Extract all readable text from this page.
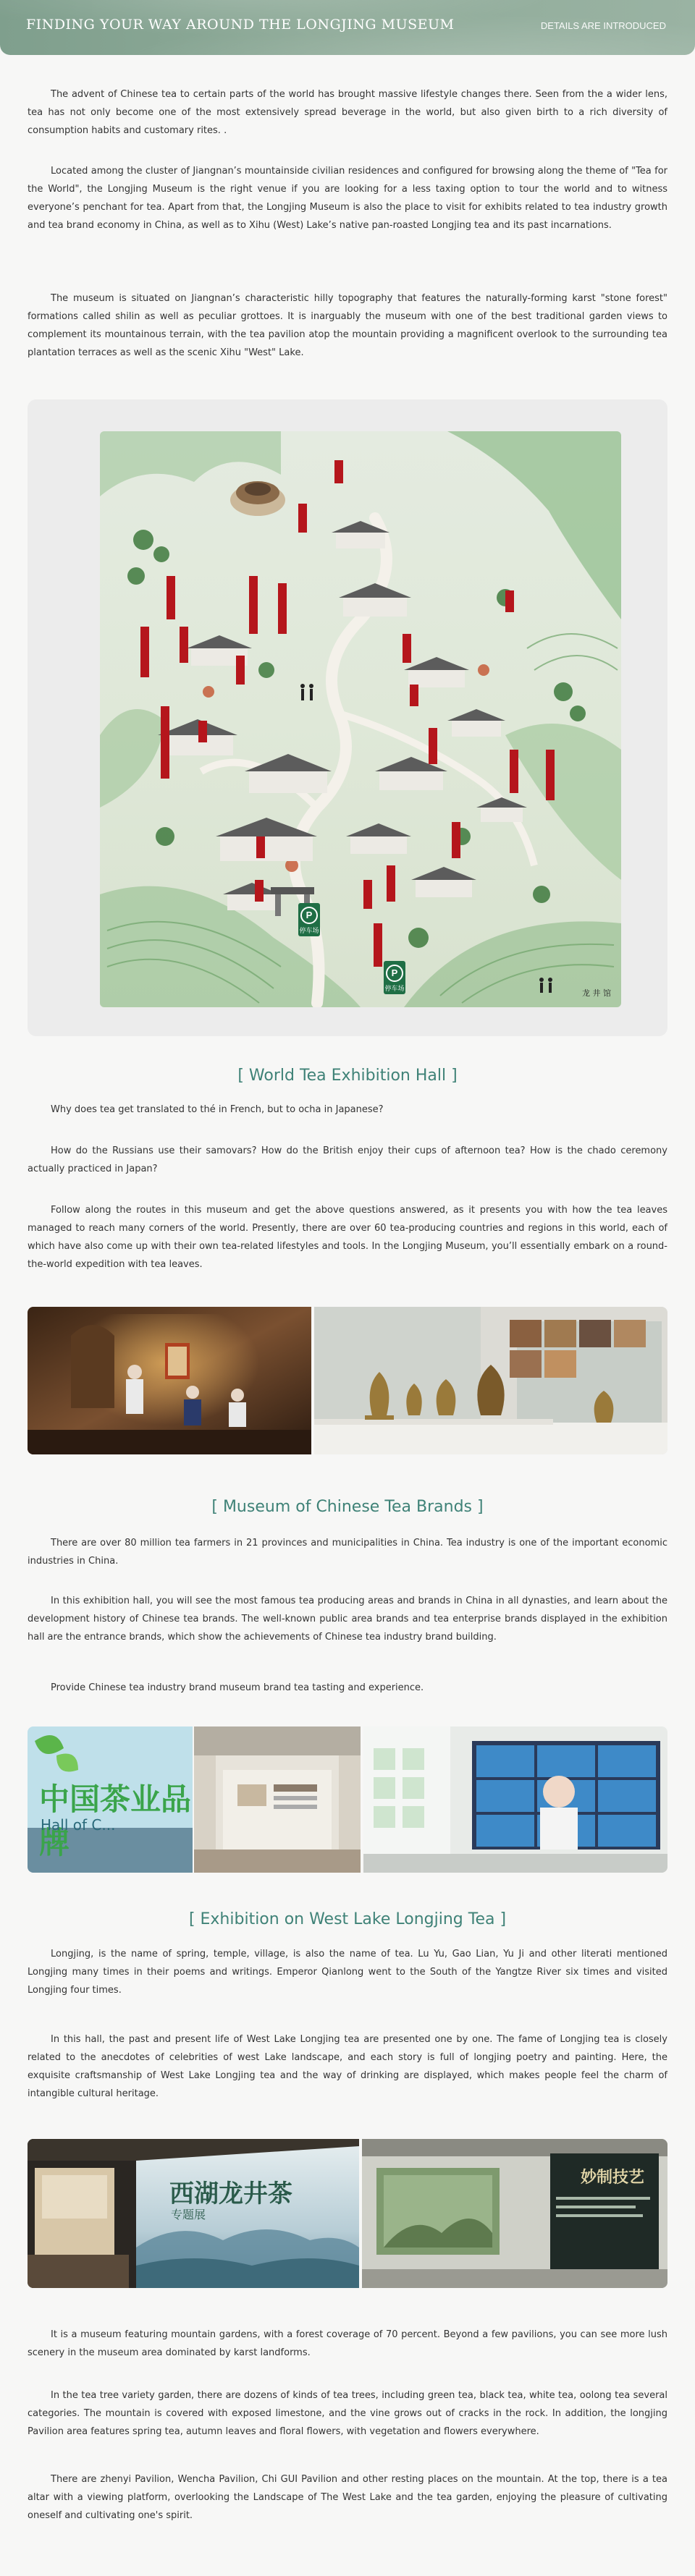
FINDING YOUR WAY AROUND THE LONGJING MUSEUM	DETAILS ARE INTRODUCED

The advent of Chinese tea to certain parts of the world has brought massive lifestyle changes there. Seen from the a wider lens, tea has not only become one of the most extensively spread beverage in the world, but also given birth to a rich diversity of consumption habits and customary rites. .

Located among the cluster of Jiangnan’s mountainside civilian residences and configured for browsing along the theme of "Tea for the World", the Longjing Museum is the right venue if you are looking for a less taxing option to tour the world and to witness everyone’s penchant for tea. Apart from that, the Longjing Museum is also the place to visit for exhibits related to tea industry growth and tea brand economy in China, as well as to Xihu (West) Lake’s native pan-roasted Longjing tea and its past incarnations.

The museum is situated on Jiangnan’s characteristic hilly topography that features the naturally-forming karst "stone forest" formations called shilin as well as peculiar grottoes. It is inarguably the museum with one of the best traditional garden views to complement its mountainous terrain, with the tea pavilion atop the mountain providing a magnificent overlook to the surrounding tea plantation terraces as well as the scenic Xihu "West" Lake.

P
停车场
P
停车场	龙 井 馆
[ World Tea Exhibition Hall ]

Why does tea get translated to thé in French, but to ocha in Japanese?

How do the Russians use their samovars? How do the British enjoy their cups of afternoon tea? How is the chado ceremony actually practiced in Japan?

Follow along the routes in this museum and get the above questions answered, as it presents you with how the tea leaves managed to reach many corners of the world. Presently, there are over 60 tea-producing countries and regions in this world, each of which have also come up with their own tea-related lifestyles and tools. In the Longjing Museum, you’ll essentially embark on a round-the-world expedition with tea leaves.

[ Museum of Chinese Tea Brands ]

There are over 80 million tea farmers in 21 provinces and municipalities in China. Tea industry is one of the important economic industries in China.

In this exhibition hall, you will see the most famous tea producing areas and brands in China in all dynasties, and learn about the development history of Chinese tea brands. The well-known public area brands and tea enterprise brands displayed in the exhibition hall are the entrance brands, which show the achievements of Chinese tea industry brand building.

Provide Chinese tea industry brand museum brand tea tasting and experience.

中国茶业品牌
Hall of C...
[ Exhibition on West Lake Longjing Tea ]

Longjing, is the name of spring, temple, village, is also the name of tea. Lu Yu, Gao Lian, Yu Ji and other literati mentioned Longjing many times in their poems and writings. Emperor Qianlong went to the South of the Yangtze River six times and visited Longjing four times.

In this hall, the past and present life of West Lake Longjing tea are presented one by one. The fame of Longjing tea is closely related to the anecdotes of celebrities of west Lake landscape, and each story is full of longjing poetry and painting. Here, the exquisite craftsmanship of West Lake Longjing tea and the way of drinking are displayed, which makes people feel the charm of intangible cultural heritage.

西湖龙井茶
专题展
妙制技艺

It is a museum featuring mountain gardens, with a forest coverage of 70 percent. Beyond a few pavilions, you can see more lush scenery in the museum area dominated by karst landforms.

In the tea tree variety garden, there are dozens of kinds of tea trees, including green tea, black tea, white tea, oolong tea several categories. The mountain is covered with exposed limestone, and the vine grows out of cracks in the rock. In addition, the longjing Pavilion area features spring tea, autumn leaves and floral flowers, with vegetation and flowers everywhere.

There are zhenyi Pavilion, Wencha Pavilion, Chi GUI Pavilion and other resting places on the mountain. At the top, there is a tea altar with a viewing platform, overlooking the Landscape of The West Lake and the tea garden, enjoying the pleasure of cultivating oneself and cultivating one's spirit.
